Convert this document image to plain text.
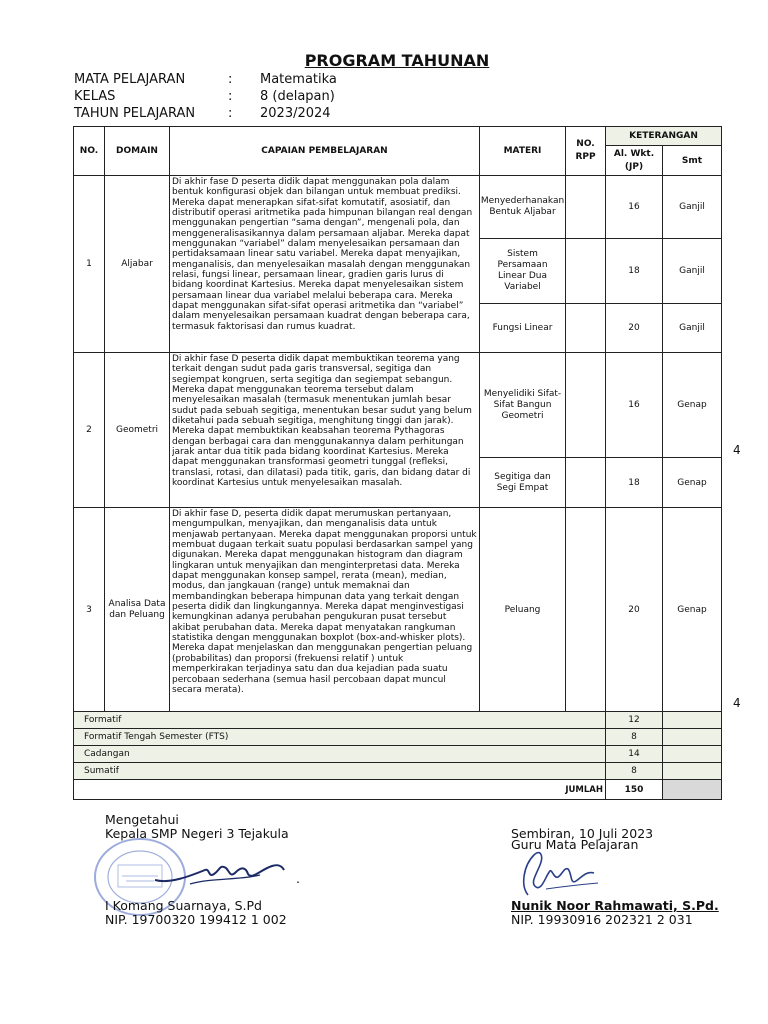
PROGRAM TAHUNAN
MATA PELAJARAN	: Matematika
KELAS	: 8 (delapan)
TAHUN PELAJARAN	: 2023/2024
NO.	DOMAIN	CAPAIAN PEMBELAJARAN	MATERI	NO. RPP	KETERANGAN	
					Al. Wkt. (JP)	Smt
1	Aljabar	Di akhir fase D peserta didik dapat menggunakan pola dalam bentuk konfigurasi objek dan bilangan untuk membuat prediksi. Mereka dapat menerapkan sifat-sifat komutatif, asosiatif, dan distributif operasi aritmetika pada himpunan bilangan real dengan menggunakan pengertian “sama dengan”, mengenali pola, dan menggeneralisasikannya dalam persamaan aljabar. Mereka dapat menggunakan “variabel” dalam menyelesaikan persamaan dan pertidaksamaan linear satu variabel. Mereka dapat menyajikan, menganalisis, dan menyelesaikan masalah dengan menggunakan relasi, fungsi linear, persamaan linear, gradien garis lurus di bidang koordinat Kartesius. Mereka dapat menyelesaikan sistem persamaan linear dua variabel melalui beberapa cara. Mereka dapat menggunakan sifat-sifat operasi aritmetika dan “variabel” dalam menyelesaikan persamaan kuadrat dengan beberapa cara, termasuk faktorisasi dan rumus kuadrat.	Menyederhanakan Bentuk Aljabar		16	Ganjil
			Sistem Persamaan Linear Dua Variabel		18	Ganjil
			Fungsi Linear		20	Ganjil
2	Geometri	Di akhir fase D peserta didik dapat membuktikan teorema yang terkait dengan sudut pada garis transversal, segitiga dan segiempat kongruen, serta segitiga dan segiempat sebangun. Mereka dapat menggunakan teorema tersebut dalam menyelesaikan masalah (termasuk menentukan jumlah besar sudut pada sebuah segitiga, menentukan besar sudut yang belum diketahui pada sebuah segitiga, menghitung tinggi dan jarak). Mereka dapat membuktikan keabsahan teorema Pythagoras dengan berbagai cara dan menggunakannya dalam perhitungan jarak antar dua titik pada bidang koordinat Kartesius. Mereka dapat menggunakan transformasi geometri tunggal (refleksi, translasi, rotasi, dan dilatasi) pada titik, garis, dan bidang datar di koordinat Kartesius untuk menyelesaikan masalah.	Menyelidiki Sifat-Sifat Bangun Geometri		16	Genap
			Segitiga dan Segi Empat		18	Genap
3	Analisa Data dan Peluang	Di akhir fase D, peserta didik dapat merumuskan pertanyaan, mengumpulkan, menyajikan, dan menganalisis data untuk menjawab pertanyaan. Mereka dapat menggunakan proporsi untuk membuat dugaan terkait suatu populasi berdasarkan sampel yang digunakan. Mereka dapat menggunakan histogram dan diagram lingkaran untuk menyajikan dan menginterpretasi data. Mereka dapat menggunakan konsep sampel, rerata (mean), median, modus, dan jangkauan (range) untuk memaknai dan membandingkan beberapa himpunan data yang terkait dengan peserta didik dan lingkungannya. Mereka dapat menginvestigasi kemungkinan adanya perubahan pengukuran pusat tersebut akibat perubahan data. Mereka dapat menyatakan rangkuman statistika dengan menggunakan boxplot (box-and-whisker plots). Mereka dapat menjelaskan dan menggunakan pengertian peluang (probabilitas) dan proporsi (frekuensi relatif ) untuk memperkirakan terjadinya satu dan dua kejadian pada suatu percobaan sederhana (semua hasil percobaan dapat muncul secara merata).	Peluang		20	Genap
Formatif					12	
Formatif Tengah Semester (FTS)					8	
Cadangan					14	
Sumatif					8	
JUMLAH					150	
4
4
Mengetahui
Kepala SMP Negeri 3 Tejakula
.
I Komang Suarnaya, S.Pd
NIP. 19700320 199412 1 002
Sembiran, 10 Juli 2023
Guru Mata Pelajaran
Nunik Noor Rahmawati, S.Pd.
NIP. 19930916 202321 2 031
